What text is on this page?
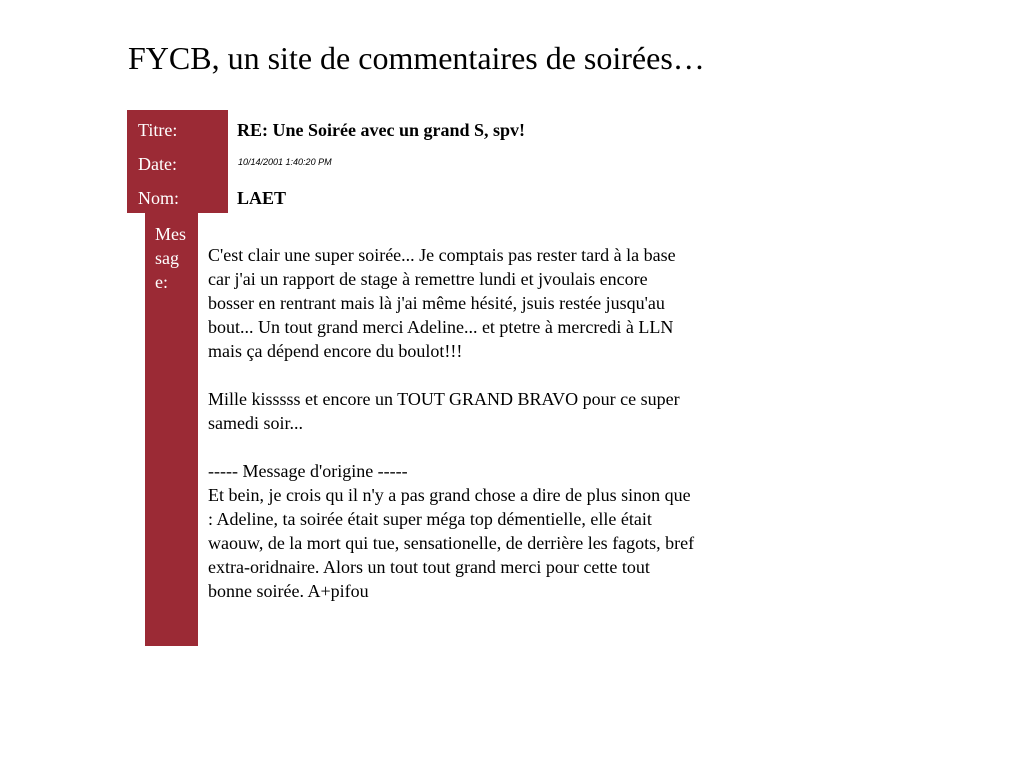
FYCB, un site de commentaires de soirées…
Titre:
Date:
Nom:
Message:
RE: Une Soirée avec un grand S, spv!
10/14/2001 1:40:20 PM
LAET

C'est clair une super soirée... Je comptais pas rester tard à la base

car j'ai un rapport de stage à remettre lundi et jvoulais encore

bosser en rentrant mais là j'ai même hésité, jsuis restée jusqu'au

bout... Un tout grand merci Adeline... et ptetre à mercredi à LLN

mais ça dépend encore du boulot!!!

Mille kisssss et encore un TOUT GRAND BRAVO pour ce super

samedi soir...

----- Message d'origine -----

Et bein, je crois qu il n'y a pas grand chose a dire de plus sinon que

: Adeline, ta soirée était super méga top démentielle, elle était

waouw, de la mort qui tue, sensationelle, de derrière les fagots, bref

extra-oridnaire. Alors un tout tout grand merci pour cette tout

bonne soirée. A+pifou
